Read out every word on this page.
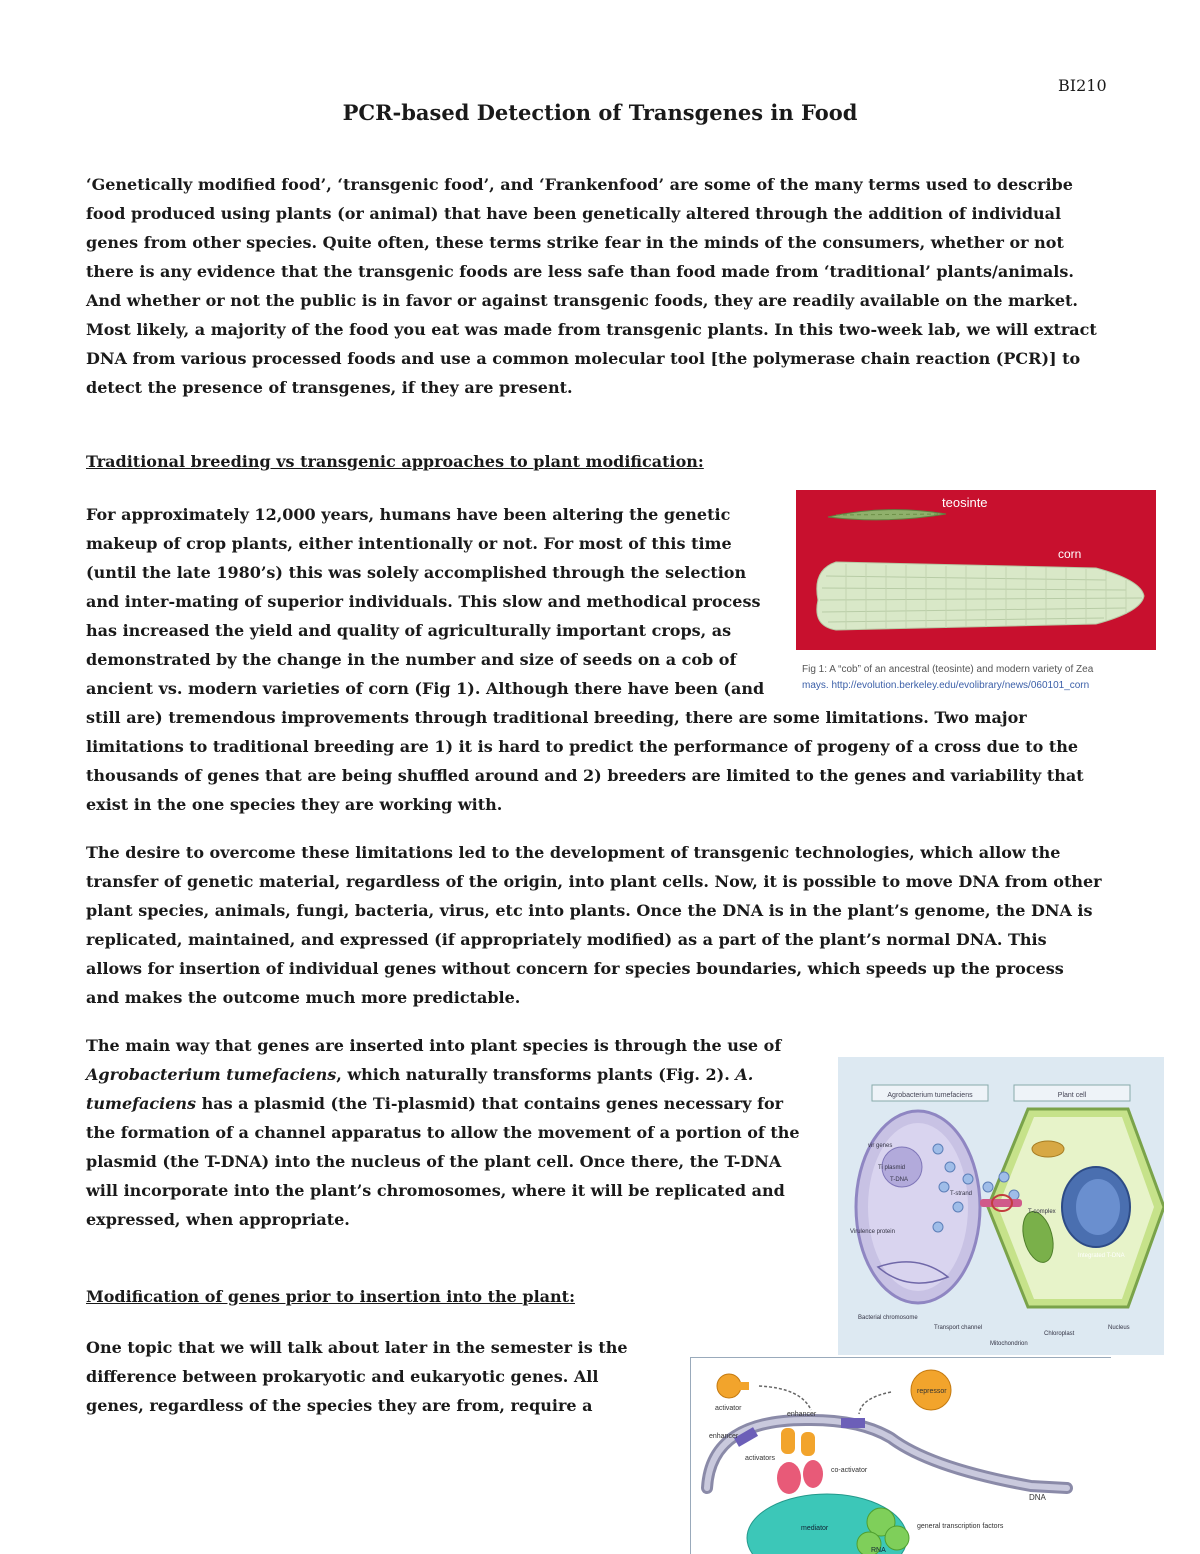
BI210
PCR-based Detection of Transgenes in Food
‘Genetically modified food’, ‘transgenic food’, and ‘Frankenfood’ are some of the many terms used to describe
food produced using plants (or animal) that have been genetically altered through the addition of individual
genes from other species. Quite often, these terms strike fear in the minds of the consumers, whether or not
there is any evidence that the transgenic foods are less safe than food made from ‘traditional’ plants/animals.
And whether or not the public is in favor or against transgenic foods, they are readily available on the market.
Most likely, a majority of the food you eat was made from transgenic plants. In this two-week lab, we will extract
DNA from various processed foods and use a common molecular tool [the polymerase chain reaction (PCR)] to
detect the presence of transgenes, if they are present.
Traditional breeding vs transgenic approaches to plant modification:
For approximately 12,000 years, humans have been altering the genetic
makeup of crop plants, either intentionally or not. For most of this time
(until the late 1980’s) this was solely accomplished through the selection
and inter-mating of superior individuals. This slow and methodical process
has increased the yield and quality of agriculturally important crops, as
demonstrated by the change in the number and size of seeds on a cob of
ancient vs. modern varieties of corn (Fig 1). Although there have been (and
still are) tremendous improvements through traditional breeding, there are some limitations. Two major
limitations to traditional breeding are 1) it is hard to predict the performance of progeny of a cross due to the
thousands of genes that are being shuffled around and 2) breeders are limited to the genes and variability that
exist in the one species they are working with.
teosinte
corn
Fig 1: A “cob” of an ancestral (teosinte) and modern variety of Zea
mays. http://evolution.berkeley.edu/evolibrary/news/060101_corn
The desire to overcome these limitations led to the development of transgenic technologies, which allow the
transfer of genetic material, regardless of the origin, into plant cells. Now, it is possible to move DNA from other
plant species, animals, fungi, bacteria, virus, etc into plants. Once the DNA is in the plant’s genome, the DNA is
replicated, maintained, and expressed (if appropriately modified) as a part of the plant’s normal DNA. This
allows for insertion of individual genes without concern for species boundaries, which speeds up the process
and makes the outcome much more predictable.
The main way that genes are inserted into plant species is through the use of
Agrobacterium tumefaciens, which naturally transforms plants (Fig. 2). A.
tumefaciens has a plasmid (the Ti-plasmid) that contains genes necessary for
the formation of a channel apparatus to allow the movement of a portion of the
plasmid (the T-DNA) into the nucleus of the plant cell. Once there, the T-DNA
will incorporate into the plant’s chromosomes, where it will be replicated and
expressed, when appropriate.
Agrobacterium tumefaciens	Plant cell
vir genes
Ti plasmid
T-DNA
T-strand
T-complex
Virulence protein
Integrated T-DNA
Bacterial chromosome
Transport channel
Mitochondrion
Chloroplast
Nucleus
Modification of genes prior to insertion into the plant:
One topic that we will talk about later in the semester is the
difference between prokaryotic and eukaryotic genes. All
genes, regardless of the species they are from, require a	activator
repressor
enhancer
enhancer
activators
co-activator
DNA
mediator	general transcription factors
RNA
